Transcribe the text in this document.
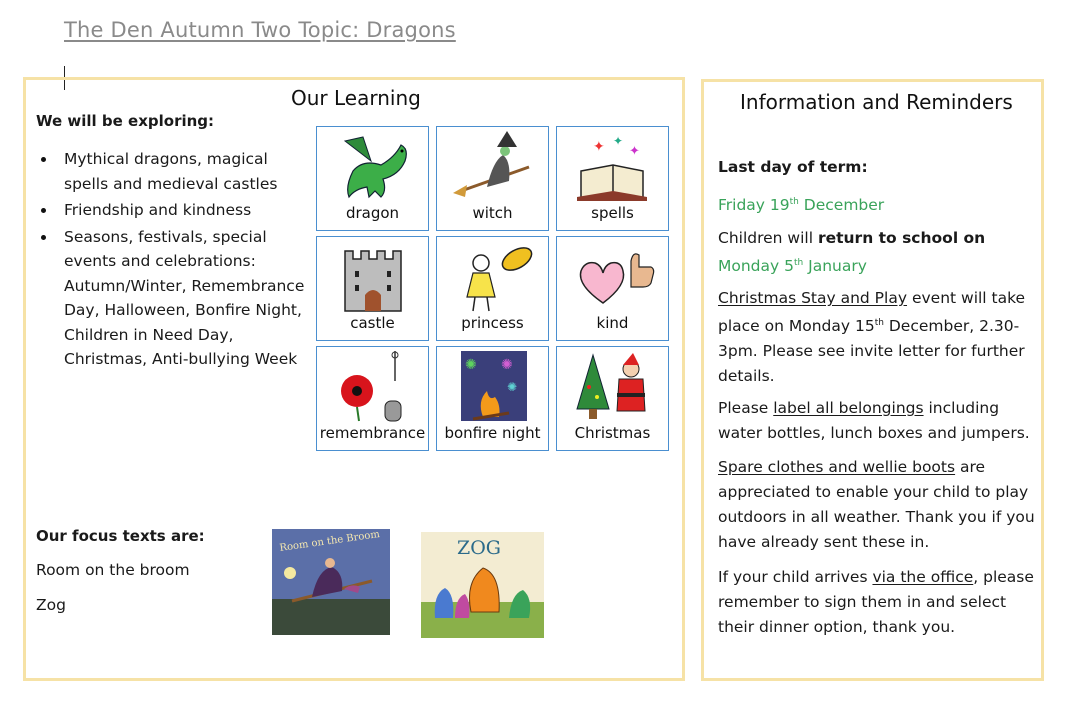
The Den Autumn Two Topic: Dragons
Our Learning
We will be exploring:
Mythical dragons, magical spells and medieval castles
Friendship and kindness
Seasons, festivals, special events and celebrations: Autumn/Winter, Remembrance Day, Halloween, Bonfire Night, Children in Need Day, Christmas, Anti-bullying Week
dragon	witch
✦ ✦
✦
spells
castle	princess	kind
remembrance
✺ ✺
✺
bonfire night	Christmas
Our focus texts are:
Room on the broom
Zog
Room on the Broom	ZOG
Information and Reminders
Last day of term:
Friday 19th December
Children will return to school on Monday 5th January
Christmas Stay and Play event will take place on Monday 15th December, 2.30-3pm. Please see invite letter for further details.
Please label all belongings including water bottles, lunch boxes and jumpers.
Spare clothes and wellie boots are appreciated to enable your child to play outdoors in all weather. Thank you if you have already sent these in.
If your child arrives via the office, please remember to sign them in and select their dinner option, thank you.
